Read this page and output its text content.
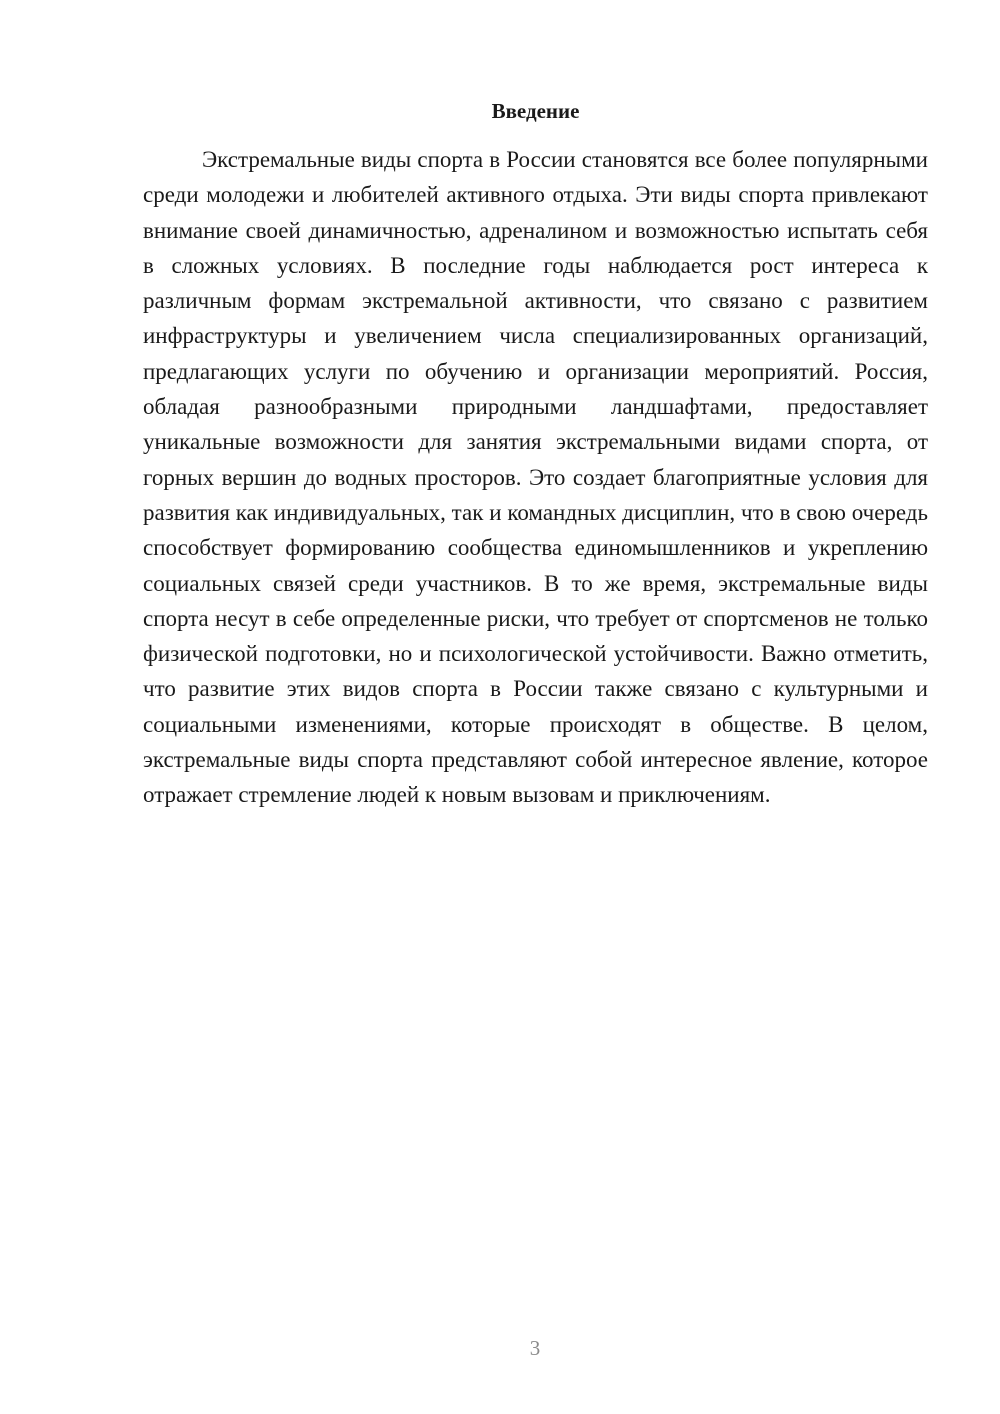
Введение

Экстремальные виды спорта в России становятся все более популярными среди молодежи и любителей активного отдыха. Эти виды спорта привлекают внимание своей динамичностью, адреналином и возможностью испытать себя в сложных условиях. В последние годы наблюдается рост интереса к различным формам экстремальной активности, что связано с развитием инфраструктуры и увеличением числа специализированных организаций, предлагающих услуги по обучению и организации мероприятий. Россия, обладая разнообразными природными ландшафтами, предоставляет уникальные возможности для занятия экстремальными видами спорта, от горных вершин до водных просторов. Это создает благоприятные условия для развития как индивидуальных, так и командных дисциплин, что в свою очередь способствует формированию сообщества единомышленников и укреплению социальных связей среди участников. В то же время, экстремальные виды спорта несут в себе определенные риски, что требует от спортсменов не только физической подготовки, но и психологической устойчивости. Важно отметить, что развитие этих видов спорта в России также связано с культурными и социальными изменениями, которые происходят в обществе. В целом, экстремальные виды спорта представляют собой интересное явление, которое отражает стремление людей к новым вызовам и приключениям.

3
